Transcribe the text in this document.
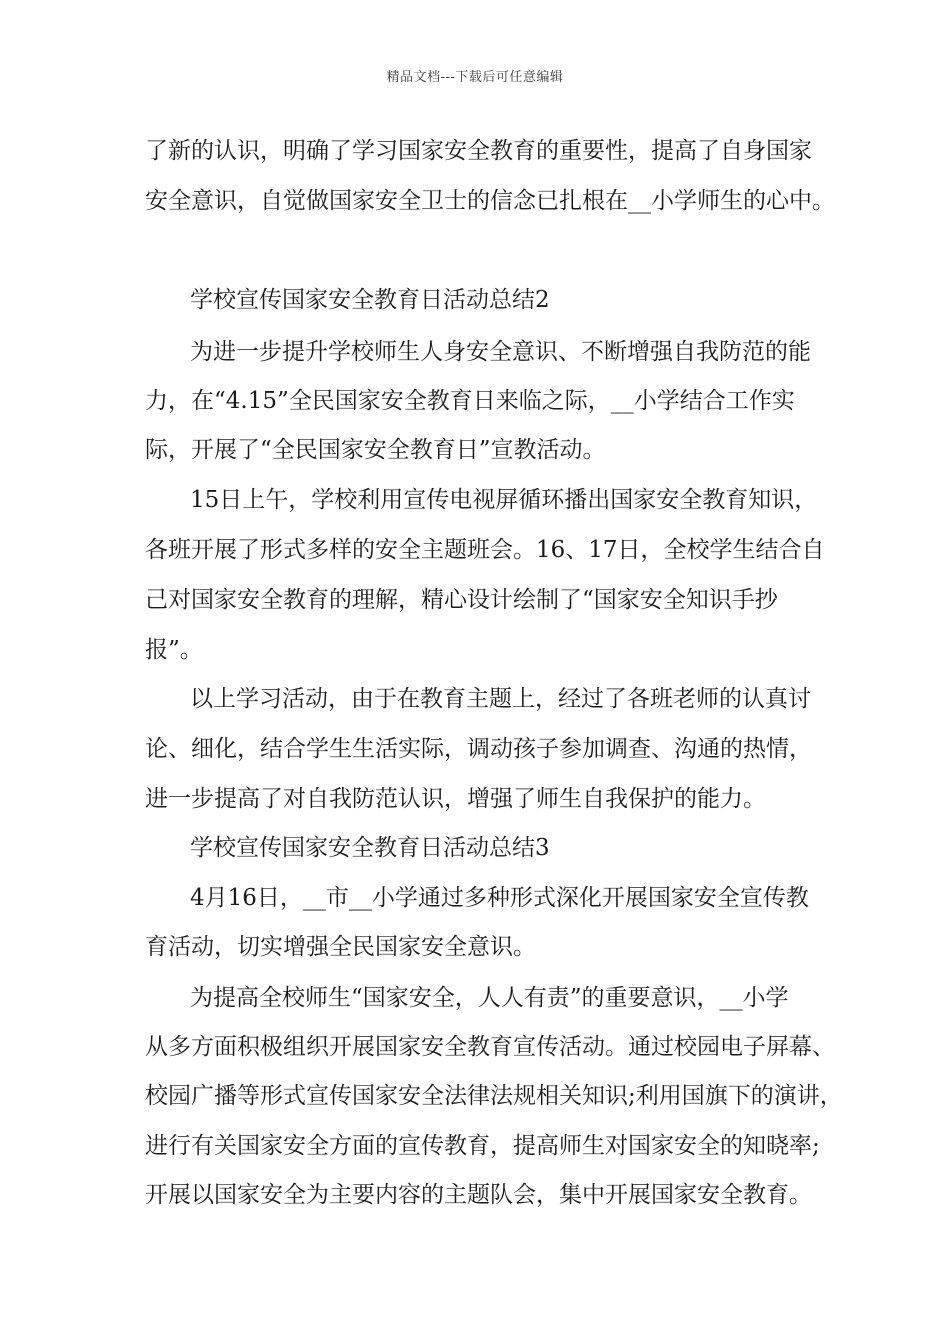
精品文档---下载后可任意编辑
了新的认识，明确了学习国家安全教育的重要性，提高了自身国家
安全意识，自觉做国家安全卫士的信念已扎根在__小学师生的心中。
学校宣传国家安全教育日活动总结2
为进一步提升学校师生人身安全意识、不断增强自我防范的能
力，在“4.15”全民国家安全教育日来临之际，__小学结合工作实
际，开展了“全民国家安全教育日”宣教活动。
15日上午，学校利用宣传电视屏循环播出国家安全教育知识，
各班开展了形式多样的安全主题班会。16、17日，全校学生结合自
己对国家安全教育的理解，精心设计绘制了“国家安全知识手抄
报”。
以上学习活动，由于在教育主题上，经过了各班老师的认真讨
论、细化，结合学生生活实际，调动孩子参加调查、沟通的热情，
进一步提高了对自我防范认识，增强了师生自我保护的能力。
学校宣传国家安全教育日活动总结3
4月16日，__市__小学通过多种形式深化开展国家安全宣传教
育活动，切实增强全民国家安全意识。
为提高全校师生“国家安全，人人有责”的重要意识，__小学
从多方面积极组织开展国家安全教育宣传活动。通过校园电子屏幕、
校园广播等形式宣传国家安全法律法规相关知识;利用国旗下的演讲，
进行有关国家安全方面的宣传教育，提高师生对国家安全的知晓率;
开展以国家安全为主要内容的主题队会，集中开展国家安全教育。
